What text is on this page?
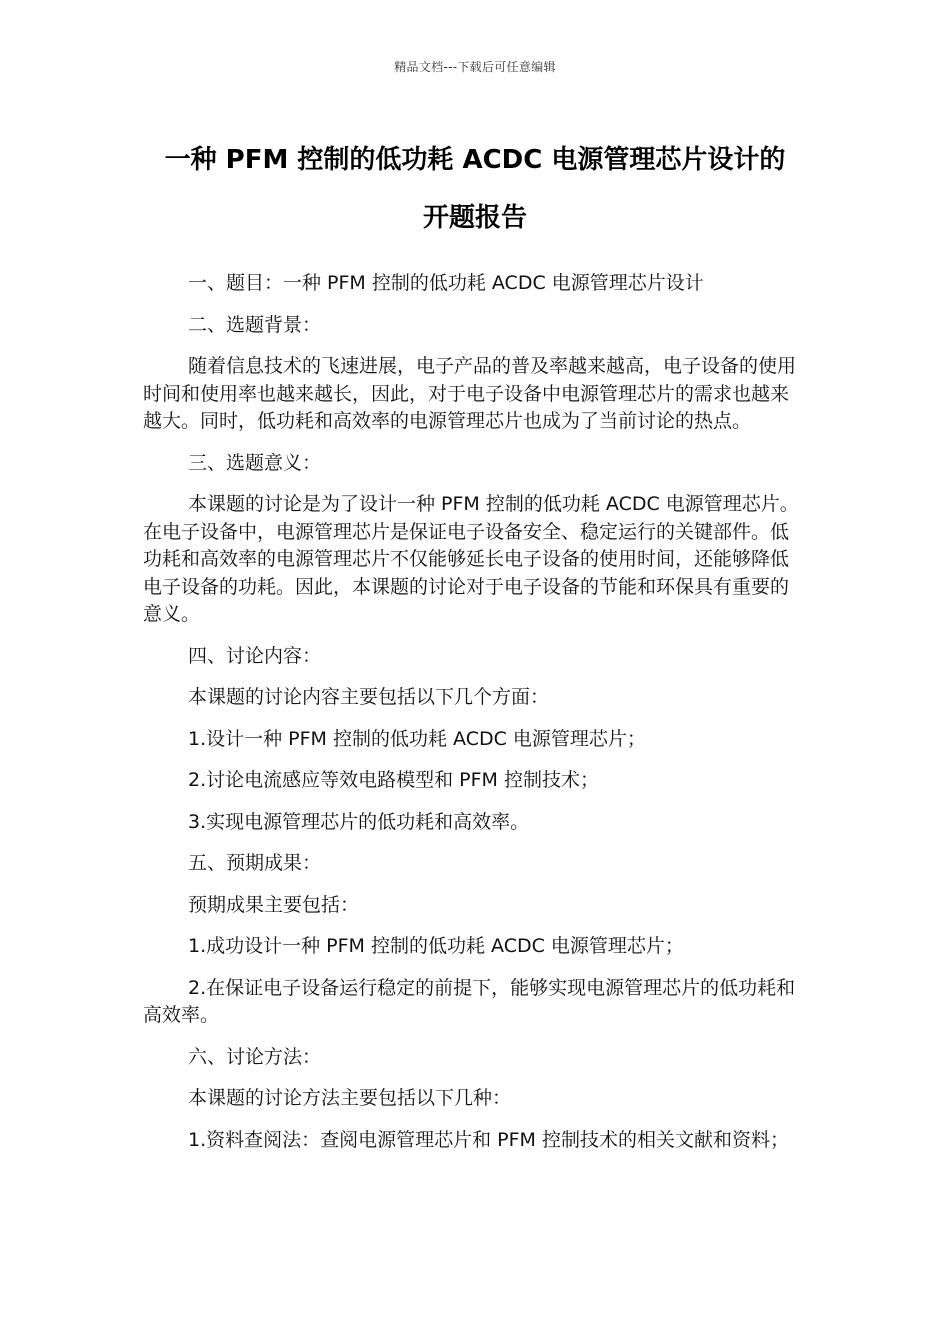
精品文档---下载后可任意编辑
一种 PFM 控制的低功耗 ACDC 电源管理芯片设计的
开题报告

一、题目：一种 PFM 控制的低功耗 ACDC 电源管理芯片设计

二、选题背景：

随着信息技术的飞速进展，电子产品的普及率越来越高，电子设备的使用时间和使用率也越来越长，因此，对于电子设备中电源管理芯片的需求也越来越大。同时，低功耗和高效率的电源管理芯片也成为了当前讨论的热点。

三、选题意义：

本课题的讨论是为了设计一种 PFM 控制的低功耗 ACDC 电源管理芯片。在电子设备中，电源管理芯片是保证电子设备安全、稳定运行的关键部件。低功耗和高效率的电源管理芯片不仅能够延长电子设备的使用时间，还能够降低电子设备的功耗。因此，本课题的讨论对于电子设备的节能和环保具有重要的意义。

四、讨论内容：

本课题的讨论内容主要包括以下几个方面：

1.设计一种 PFM 控制的低功耗 ACDC 电源管理芯片；

2.讨论电流感应等效电路模型和 PFM 控制技术；

3.实现电源管理芯片的低功耗和高效率。

五、预期成果：

预期成果主要包括：

1.成功设计一种 PFM 控制的低功耗 ACDC 电源管理芯片；

2.在保证电子设备运行稳定的前提下，能够实现电源管理芯片的低功耗和高效率。

六、讨论方法：

本课题的讨论方法主要包括以下几种：

1.资料查阅法：查阅电源管理芯片和 PFM 控制技术的相关文献和资料；
